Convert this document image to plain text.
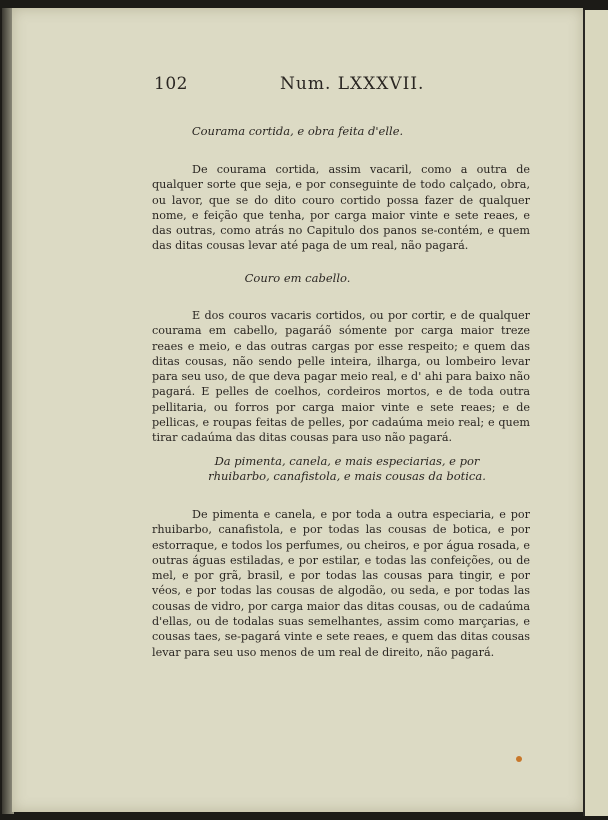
102	Num. LXXXVII.
Courama cortida, e obra feita d'elle.
De courama cortida, assim vacaril, como a outra de qualquer sorte que seja, e por conseguinte de todo calçado, obra, ou lavor, que se do dito couro cortido possa fazer de qualquer nome, e feição que tenha, por carga maior vinte e sete reaes, e das outras, como atrás no Capitulo dos panos se-contém, e quem das ditas cousas levar até paga de um real, não pagará.
Couro em cabello.
E dos couros vacaris cortidos, ou por cortir, e de qualquer courama em cabello, pagaráõ sómente por carga maior treze reaes e meio, e das outras cargas por esse respeito; e quem das ditas cousas, não sendo pelle inteira, ilharga, ou lombeiro levar para seu uso, de que deva pagar meio real, e d' ahi para baixo não pagará. E pelles de coelhos, cordeiros mortos, e de toda outra pellitaria, ou forros por carga maior vinte e sete reaes; e de pellicas, e roupas feitas de pelles, por cadaúma meio real; e quem tirar cadaúma das ditas cousas para uso não pagará.
Da pimenta, canela, e mais especiarias, e por rhuibarbo, canafistola, e mais cousas da botica.
De pimenta e canela, e por toda a outra especiaria, e por rhuibarbo, canafistola, e por todas las cousas de botica, e por estorraque, e todos los perfumes, ou cheiros, e por água rosada, e outras águas estiladas, e por estilar, e todas las confeições, ou de mel, e por grã, brasil, e por todas las cousas para tingir, e por véos, e por todas las cousas de algodão, ou seda, e por todas las cousas de vidro, por carga maior das ditas cousas, ou de cadaúma d'ellas, ou de todalas suas semelhantes, assim como marçarias, e cousas taes, se-pagará vinte e sete reaes, e quem das ditas cousas levar para seu uso menos de um real de direito, não pagará.
